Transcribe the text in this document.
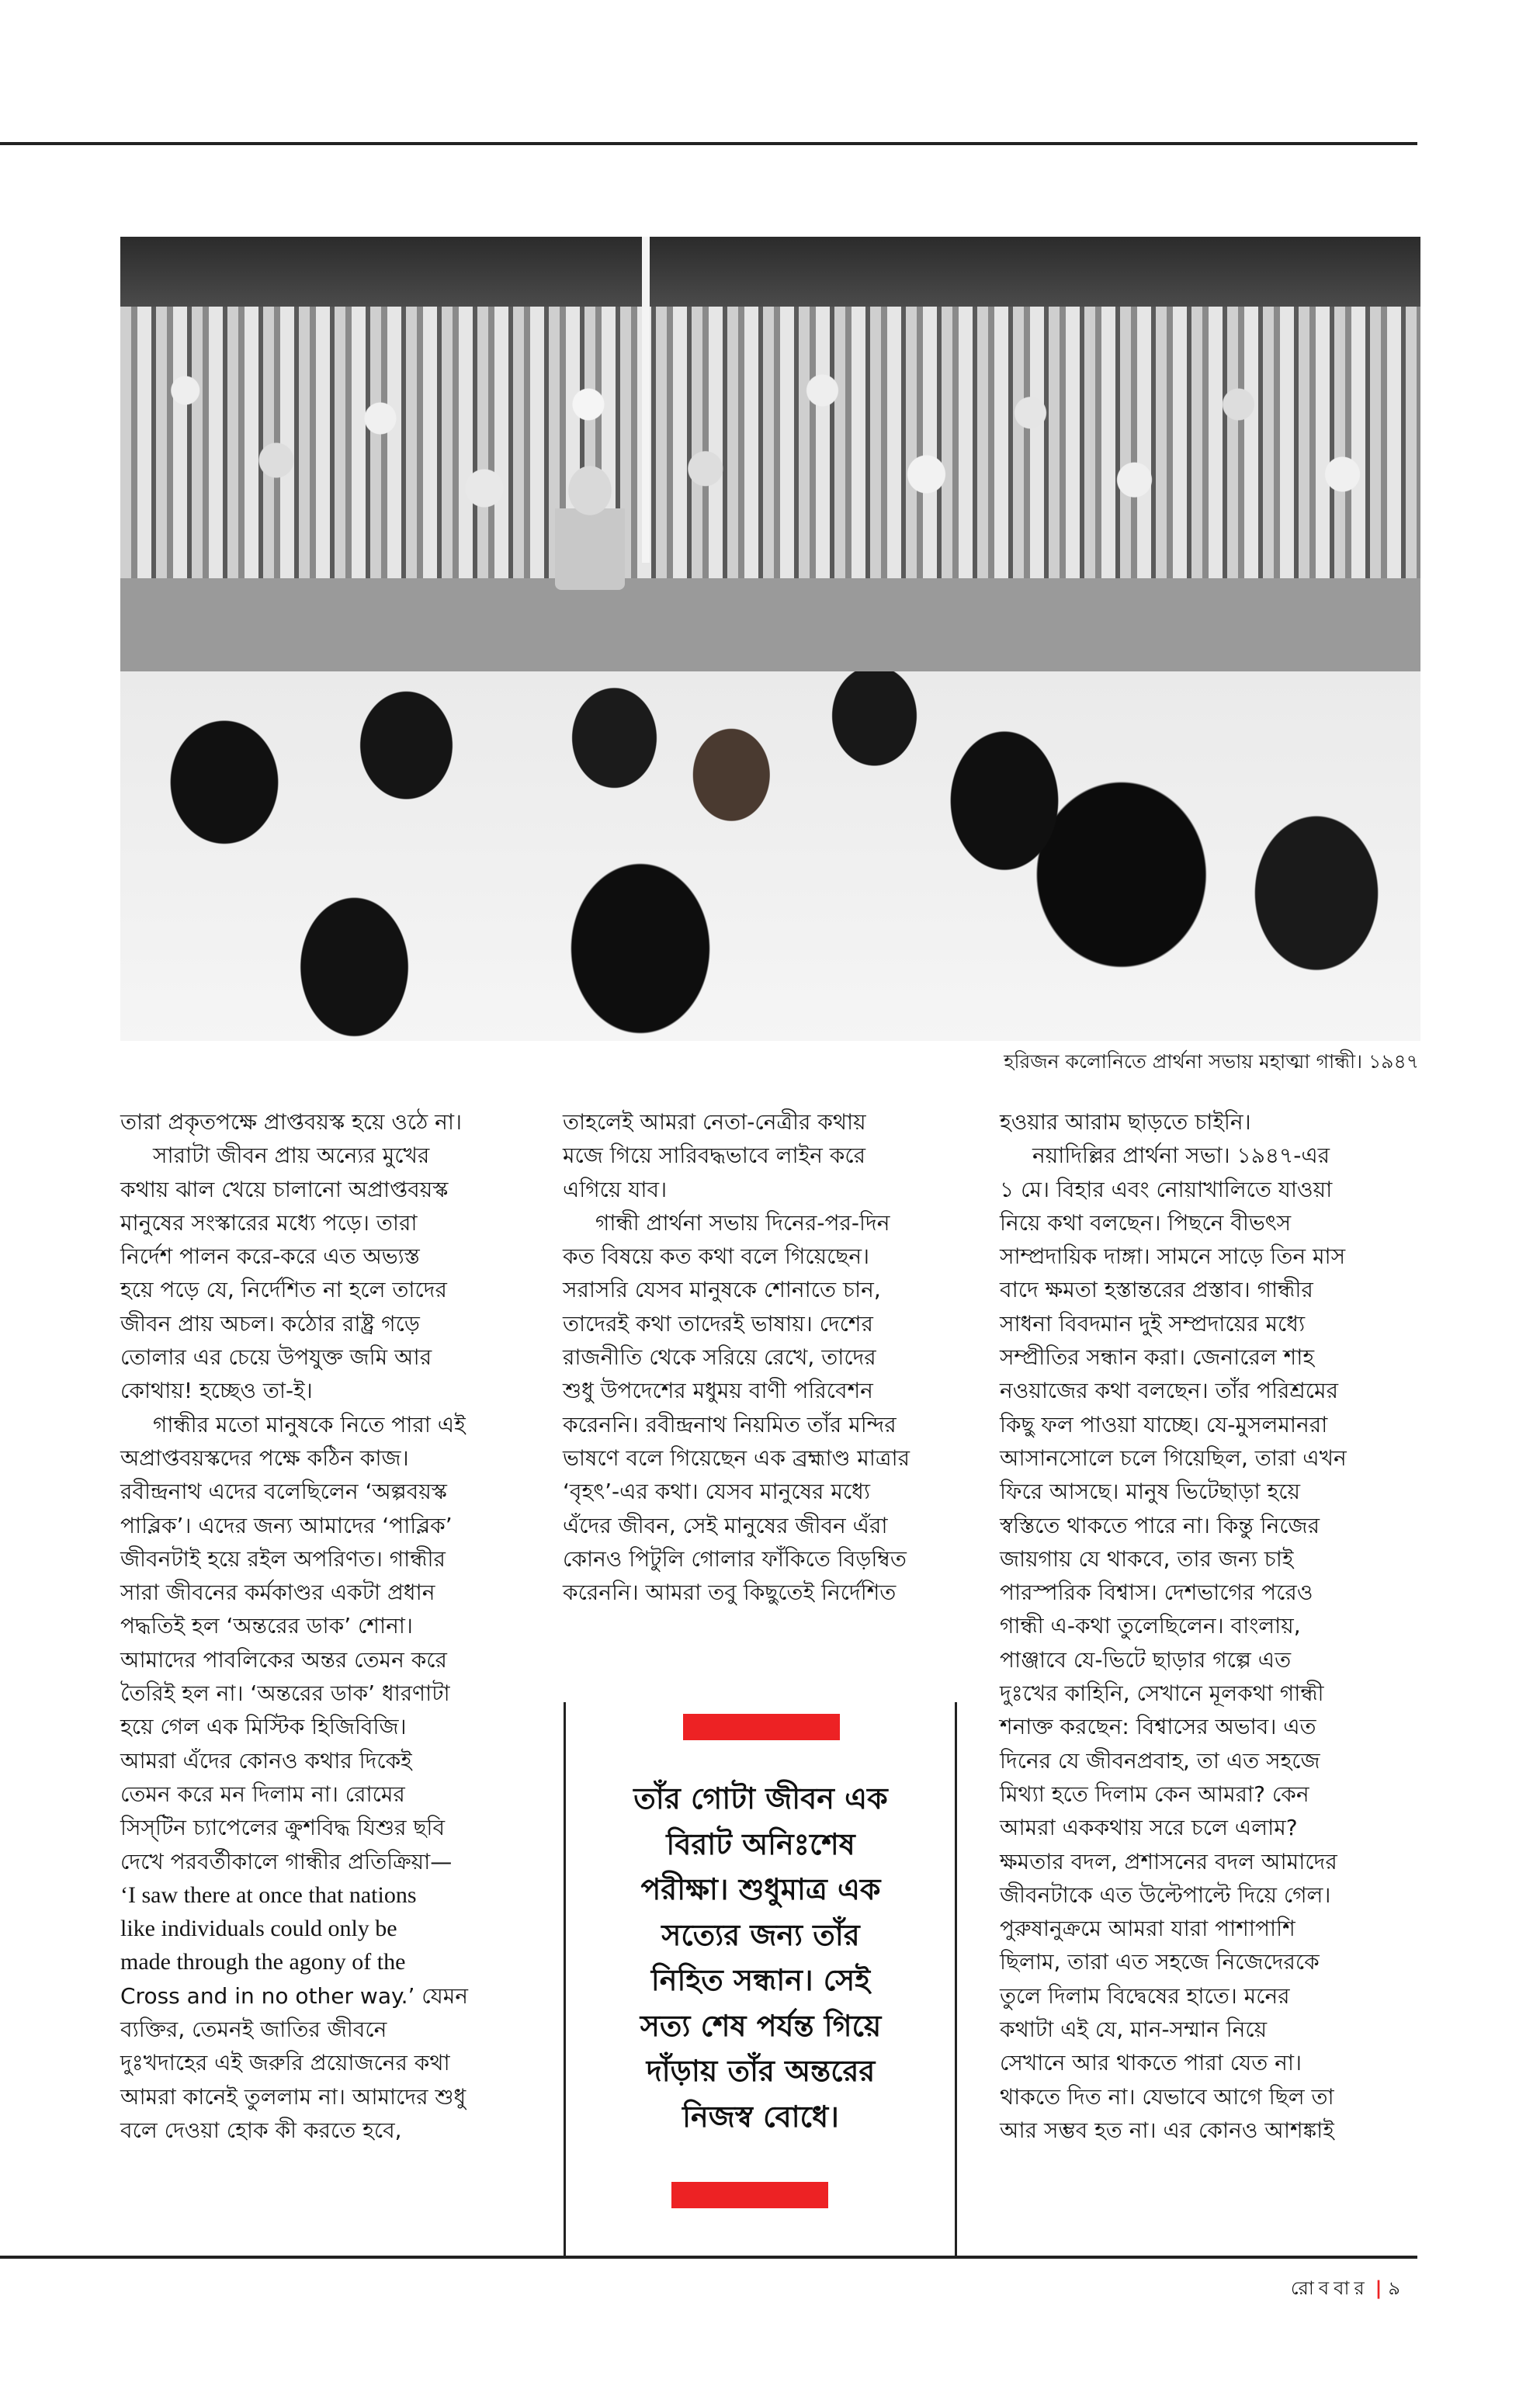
হরিজন কলোনিতে প্রার্থনা সভায় মহাত্মা গান্ধী। ১৯৪৭
তারা প্রকৃতপক্ষে প্রাপ্তবয়স্ক হয়ে ওঠে না।
সারাটা জীবন প্রায় অন্যের মুখের
কথায় ঝাল খেয়ে চালানো অপ্রাপ্তবয়স্ক
মানুষের সংস্কারের মধ্যে পড়ে। তারা
নির্দেশ পালন করে-করে এত অভ্যস্ত
হয়ে পড়ে যে, নির্দেশিত না হলে তাদের
জীবন প্রায় অচল। কঠোর রাষ্ট্র গড়ে
তোলার এর চেয়ে উপযুক্ত জমি আর
কোথায়! হচ্ছেও তা-ই।
গান্ধীর মতো মানুষকে নিতে পারা এই
অপ্রাপ্তবয়স্কদের পক্ষে কঠিন কাজ।
রবীন্দ্রনাথ এদের বলেছিলেন ‘অল্পবয়স্ক
পাব্লিক’। এদের জন্য আমাদের ‘পাব্লিক’
জীবনটাই হয়ে রইল অপরিণত। গান্ধীর
সারা জীবনের কর্মকাণ্ডর একটা প্রধান
পদ্ধতিই হল ‘অন্তরের ডাক’ শোনা।
আমাদের পাবলিকের অন্তর তেমন করে
তৈরিই হল না। ‘অন্তরের ডাক’ ধারণাটা
হয়ে গেল এক মিস্টিক হিজিবিজি।
আমরা এঁদের কোনও কথার দিকেই
তেমন করে মন দিলাম না। রোমের
সিস্‌টিন চ্যাপেলের ক্রুশবিদ্ধ যিশুর ছবি
দেখে পরবর্তীকালে গান্ধীর প্রতিক্রিয়া—
‘I saw there at once that nations
like individuals could only be
made through the agony of the
Cross and in no other way.’ যেমন
ব্যক্তির, তেমনই জাতির জীবনে
দুঃখদাহের এই জরুরি প্রয়োজনের কথা
আমরা কানেই তুললাম না। আমাদের শুধু
বলে দেওয়া হোক কী করতে হবে,
তাহলেই আমরা নেতা-নেত্রীর কথায়
মজে গিয়ে সারিবদ্ধভাবে লাইন করে
এগিয়ে যাব।
গান্ধী প্রার্থনা সভায় দিনের-পর-দিন
কত বিষয়ে কত কথা বলে গিয়েছেন।
সরাসরি যেসব মানুষকে শোনাতে চান,
তাদেরই কথা তাদেরই ভাষায়। দেশের
রাজনীতি থেকে সরিয়ে রেখে, তাদের
শুধু উপদেশের মধুময় বাণী পরিবেশন
করেননি। রবীন্দ্রনাথ নিয়মিত তাঁর মন্দির
ভাষণে বলে গিয়েছেন এক ব্রহ্মাণ্ড মাত্রার
‘বৃহৎ’-এর কথা। যেসব মানুষের মধ্যে
এঁদের জীবন, সেই মানুষের জীবন এঁরা
কোনও পিটুলি গোলার ফাঁকিতে বিড়ম্বিত
করেননি। আমরা তবু কিছুতেই নির্দেশিত
হওয়ার আরাম ছাড়তে চাইনি।
নয়াদিল্লির প্রার্থনা সভা। ১৯৪৭-এর
১ মে। বিহার এবং নোয়াখালিতে যাওয়া
নিয়ে কথা বলছেন। পিছনে বীভৎস
সাম্প্রদায়িক দাঙ্গা। সামনে সাড়ে তিন মাস
বাদে ক্ষমতা হস্তান্তরের প্রস্তাব। গান্ধীর
সাধনা বিবদমান দুই সম্প্রদায়ের মধ্যে
সম্প্রীতির সন্ধান করা। জেনারেল শাহ
নওয়াজের কথা বলছেন। তাঁর পরিশ্রমের
কিছু ফল পাওয়া যাচ্ছে। যে-মুসলমানরা
আসানসোলে চলে গিয়েছিল, তারা এখন
ফিরে আসছে। মানুষ ভিটেছাড়া হয়ে
স্বস্তিতে থাকতে পারে না। কিন্তু নিজের
জায়গায় যে থাকবে, তার জন্য চাই
পারস্পরিক বিশ্বাস। দেশভাগের পরেও
গান্ধী এ-কথা তুলেছিলেন। বাংলায়,
পাঞ্জাবে যে-ভিটে ছাড়ার গল্পে এত
দুঃখের কাহিনি, সেখানে মূলকথা গান্ধী
শনাক্ত করছেন: বিশ্বাসের অভাব। এত
দিনের যে জীবনপ্রবাহ, তা এত সহজে
মিথ্যা হতে দিলাম কেন আমরা? কেন
আমরা এককথায় সরে চলে এলাম?
ক্ষমতার বদল, প্রশাসনের বদল আমাদের
জীবনটাকে এত উল্টেপাল্টে দিয়ে গেল।
পুরুষানুক্রমে আমরা যারা পাশাপাশি
ছিলাম, তারা এত সহজে নিজেদেরকে
তুলে দিলাম বিদ্বেষের হাতে। মনের
কথাটা এই যে, মান-সম্মান নিয়ে
সেখানে আর থাকতে পারা যেত না।
থাকতে দিত না। যেভাবে আগে ছিল তা
আর সম্ভব হত না। এর কোনও আশঙ্কাই
তাঁর গোটা জীবন এক
বিরাট অনিঃশেষ
পরীক্ষা। শুধুমাত্র এক
সত্যের জন্য তাঁর
নিহিত সন্ধান। সেই
সত্য শেষ পর্যন্ত গিয়ে
দাঁড়ায় তাঁর অন্তরের
নিজস্ব বোধে।
রোববার | ৯
